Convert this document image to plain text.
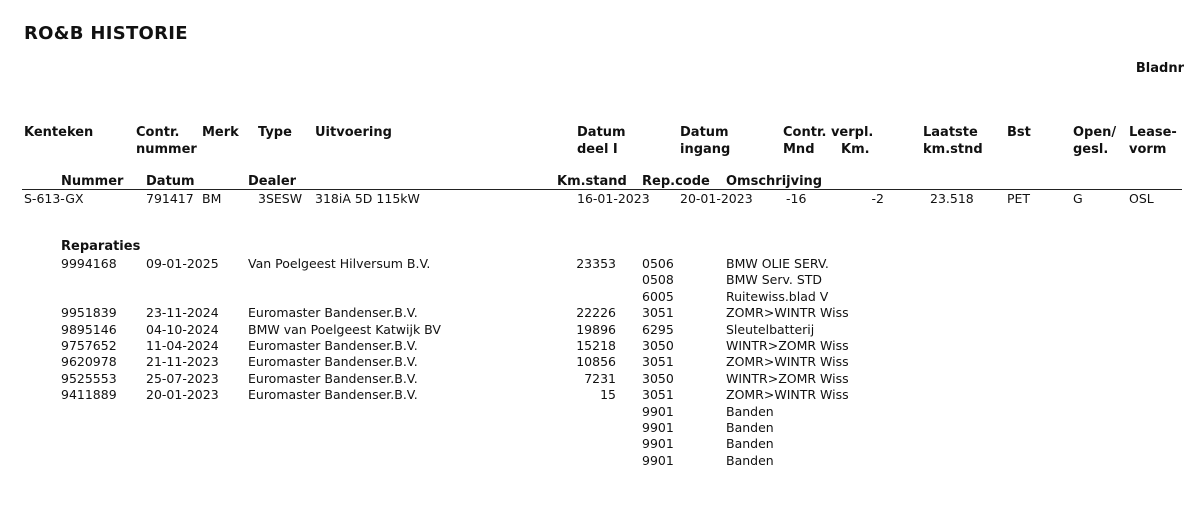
RO&B HISTORIE
Bladnr
Kenteken	Contr.
nummer
Merk Type Uitvoering	Datum
deel I
Datum
ingang
Contr. verpl.
Mnd Km.
Laatste
km.stnd
Bst	Open/
gesl.
Lease-
vorm
Nummer Datum	Dealer	Km.stand Rep.code Omschrijving
S-613-GX	791417 BM	3SESW 318iA 5D 115kW	16-01-2023 20-01-2023	-16	-2	23.518	PET	G	OSL
Reparaties
9994168 09-01-2025 Van Poelgeest Hilversum B.V.	23353 0506	BMW OLIE SERV.
0508	BMW Serv. STD
6005	Ruitewiss.blad V
9951839 23-11-2024 Euromaster Bandenser.B.V.	22226 3051	ZOMR>WINTR Wiss
9895146 04-10-2024 BMW van Poelgeest Katwijk BV	19896 6295	Sleutelbatterij
9757652 11-04-2024 Euromaster Bandenser.B.V.	15218 3050	WINTR>ZOMR Wiss
9620978 21-11-2023 Euromaster Bandenser.B.V.	10856 3051	ZOMR>WINTR Wiss
9525553 25-07-2023 Euromaster Bandenser.B.V.	7231 3050	WINTR>ZOMR Wiss
9411889 20-01-2023 Euromaster Bandenser.B.V.	15 3051	ZOMR>WINTR Wiss
9901	Banden
9901	Banden
9901	Banden
9901	Banden
